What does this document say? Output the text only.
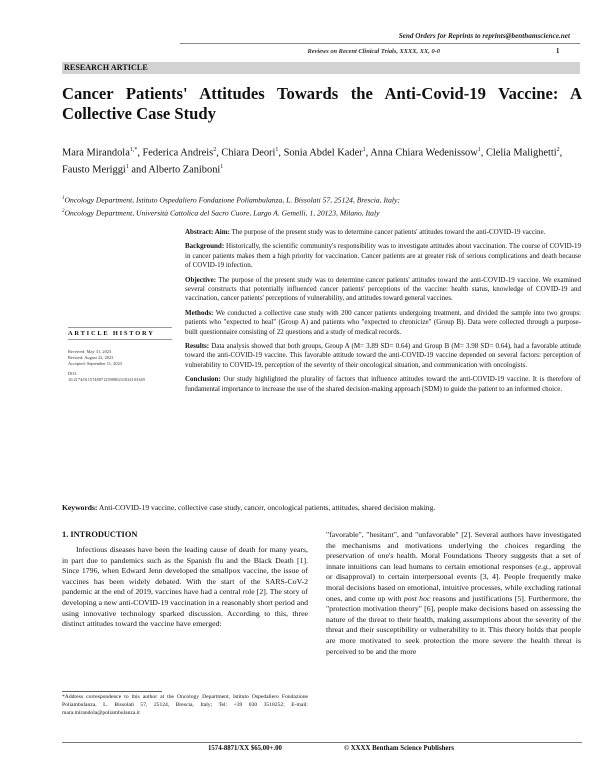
Send Orders for Reprints to reprints@benthamscience.net
Reviews on Recent Clinical Trials, XXXX, XX, 0-0	1
RESEARCH ARTICLE
Cancer Patients' Attitudes Towards the Anti-Covid-19 Vaccine: A Collective Case Study
Mara Mirandola$^{1,*}$, Federica Andreis$^2$, Chiara Deori$^1$, Sonia Abdel Kader$^1$, Anna Chiara Wedenissow$^1$, Clelia Malighetti$^2$, Fausto Meriggi$^1$ and Alberto Zaniboni$^1$
$^1$Oncology Department, Istituto Ospedaliero Fondazione Poliambulanza, L. Bissolati 57, 25124, Brescia, Italy;
$^2$Oncology Department, Università Cattolica del Sacro Cuore, Largo A. Gemelli, 1, 20123, Milano, Italy
ARTICLE HISTORY
Received: May 31, 2023
Revised: August 22, 2023
Accepted: September 11, 2023
DOI:
10.2174/0115748871259080231024103349

Abstract: Aim: The purpose of the present study was to determine cancer patients' attitudes toward the anti-COVID-19 vaccine.

Background: Historically, the scientific community's responsibility was to investigate attitudes about vaccination. The course of COVID-19 in cancer patients makes them a high priority for vaccination. Cancer patients are at greater risk of serious complications and death because of COVID-19 infection.

Objective: The purpose of the present study was to determine cancer patients' attitudes toward the anti-COVID-19 vaccine. We examined several constructs that potentially influenced cancer patients' perceptions of the vaccine: health status, knowledge of COVID-19 and vaccination, cancer patients' perceptions of vulnerability, and attitudes toward general vaccines.

Methods: We conducted a collective case study with 200 cancer patients undergoing treatment, and divided the sample into two groups: patients who "expected to heal" (Group A) and patients who "expected to chronicize" (Group B). Data were collected through a purpose-built questionnaire consisting of 22 questions and a study of medical records.

Results: Data analysis showed that both groups, Group A (M= 3.89 SD= 0.64) and Group B (M= 3.98 SD= 0.64), had a favorable attitude toward the anti-COVID-19 vaccine. This favorable attitude toward the anti-COVID-19 vaccine depended on several factors: perception of vulnerability to COVID-19, perception of the severity of their oncological situation, and communication with oncologists.

Conclusion: Our study highlighted the plurality of factors that influence attitudes toward the anti-COVID-19 vaccine. It is therefore of fundamental importance to increase the use of the shared decision-making approach (SDM) to guide the patient to an informed choice.

Keywords: Anti-COVID-19 vaccine, collective case study, cancer, oncological patients, attitudes, shared decision making.
1. INTRODUCTION

Infectious diseases have been the leading cause of death for many years, in part due to pandemics such as the Spanish flu and the Black Death [1]. Since 1796, when Edward Jenn developed the smallpox vaccine, the issue of vaccines has been widely debated. With the start of the SARS-CoV-2 pandemic at the end of 2019, vaccines have had a central role [2]. The story of developing a new anti-COVID-19 vaccination in a reasonably short period and using innovative technology sparked discussion. According to this, three distinct attitudes toward the vaccine have emerged:

"favorable", "hesitant", and "unfavorable" [2]. Several authors have investigated the mechanisms and motivations underlying the choices regarding the preservation of one's health. Moral Foundations Theory suggests that a set of innate intuitions can lead humans to certain emotional responses (e.g., approval or disapproval) to certain interpersonal events [3, 4]. People frequently make moral decisions based on emotional, intuitive processes, while excluding rational ones, and come up with post hoc reasons and justifications [5]. Furthermore, the "protection motivation theory" [6], people make decisions based on assessing the nature of the threat to their health, making assumptions about the severity of the threat and their susceptibility or vulnerability to it. This theory holds that people are more motivated to seek protection the more severe the health threat is perceived to be and the more

*Address correspondence to this author at the Oncology Department, Istituto Ospedaliero Fondazione Poliambulanza, L. Bissolati 57, 25124, Brescia, Italy; Tel: +39 030 3518252; E-mail: mara.mirandola@poliambulanza.it
1574-8871/XX $65.00+.00	© XXXX Bentham Science Publishers
